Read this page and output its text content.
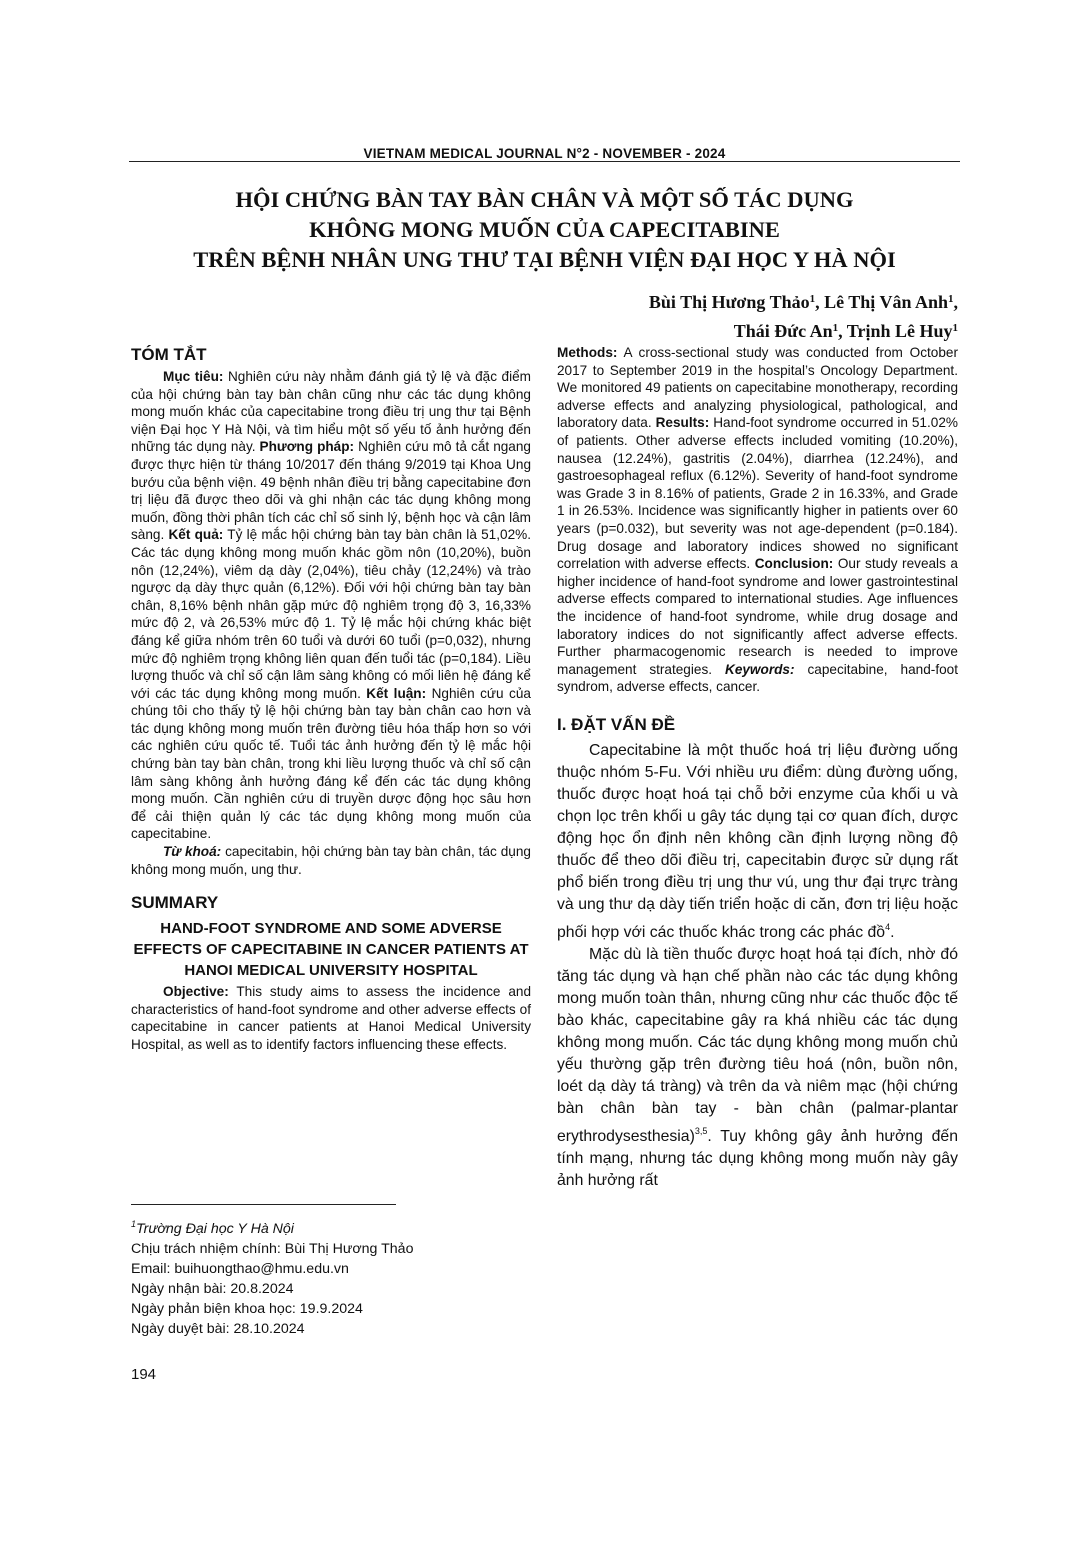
VIETNAM MEDICAL JOURNAL N°2 - NOVEMBER - 2024
HỘI CHỨNG BÀN TAY BÀN CHÂN VÀ MỘT SỐ TÁC DỤNG
KHÔNG MONG MUỐN CỦA CAPECITABINE
TRÊN BỆNH NHÂN UNG THƯ TẠI BỆNH VIỆN ĐẠI HỌC Y HÀ NỘI
Bùi Thị Hương Thảo$^1$, Lê Thị Vân Anh$^1$,
Thái Đức An$^1$, Trịnh Lê Huy$^1$
TÓM TẮT

Mục tiêu: Nghiên cứu này nhằm đánh giá tỷ lệ và đặc điểm của hội chứng bàn tay bàn chân cũng như các tác dụng không mong muốn khác của capecitabine trong điều trị ung thư tại Bệnh viện Đại học Y Hà Nội, và tìm hiểu một số yếu tố ảnh hưởng đến những tác dụng này. Phương pháp: Nghiên cứu mô tả cắt ngang được thực hiện từ tháng 10/2017 đến tháng 9/2019 tại Khoa Ung bướu của bệnh viện. 49 bệnh nhân điều trị bằng capecitabine đơn trị liệu đã được theo dõi và ghi nhận các tác dụng không mong muốn, đồng thời phân tích các chỉ số sinh lý, bệnh học và cận lâm sàng. Kết quả: Tỷ lệ mắc hội chứng bàn tay bàn chân là 51,02%. Các tác dụng không mong muốn khác gồm nôn (10,20%), buồn nôn (12,24%), viêm dạ dày (2,04%), tiêu chảy (12,24%) và trào ngược dạ dày thực quản (6,12%). Đối với hội chứng bàn tay bàn chân, 8,16% bệnh nhân gặp mức độ nghiêm trọng độ 3, 16,33% mức độ 2, và 26,53% mức độ 1. Tỷ lệ mắc hội chứng khác biệt đáng kể giữa nhóm trên 60 tuổi và dưới 60 tuổi (p=0,032), nhưng mức độ nghiêm trọng không liên quan đến tuổi tác (p=0,184). Liều lượng thuốc và chỉ số cận lâm sàng không có mối liên hệ đáng kể với các tác dụng không mong muốn. Kết luận: Nghiên cứu của chúng tôi cho thấy tỷ lệ hội chứng bàn tay bàn chân cao hơn và tác dụng không mong muốn trên đường tiêu hóa thấp hơn so với các nghiên cứu quốc tế. Tuổi tác ảnh hưởng đến tỷ lệ mắc hội chứng bàn tay bàn chân, trong khi liều lượng thuốc và chỉ số cận lâm sàng không ảnh hưởng đáng kể đến các tác dụng không mong muốn. Cần nghiên cứu di truyền dược động học sâu hơn để cải thiện quản lý các tác dụng không mong muốn của capecitabine.

Từ khoá: capecitabin, hội chứng bàn tay bàn chân, tác dụng không mong muốn, ung thư.

SUMMARY
HAND-FOOT SYNDROME AND SOME ADVERSE EFFECTS OF CAPECITABINE IN CANCER PATIENTS AT HANOI MEDICAL UNIVERSITY HOSPITAL

Objective: This study aims to assess the incidence and characteristics of hand-foot syndrome and other adverse effects of capecitabine in cancer patients at Hanoi Medical University Hospital, as well as to identify factors influencing these effects.

Methods: A cross-sectional study was conducted from October 2017 to September 2019 in the hospital’s Oncology Department. We monitored 49 patients on capecitabine monotherapy, recording adverse effects and analyzing physiological, pathological, and laboratory data. Results: Hand-foot syndrome occurred in 51.02% of patients. Other adverse effects included vomiting (10.20%), nausea (12.24%), gastritis (2.04%), diarrhea (12.24%), and gastroesophageal reflux (6.12%). Severity of hand-foot syndrome was Grade 3 in 8.16% of patients, Grade 2 in 16.33%, and Grade 1 in 26.53%. Incidence was significantly higher in patients over 60 years (p=0.032), but severity was not age-dependent (p=0.184). Drug dosage and laboratory indices showed no significant correlation with adverse effects. Conclusion: Our study reveals a higher incidence of hand-foot syndrome and lower gastrointestinal adverse effects compared to international studies. Age influences the incidence of hand-foot syndrome, while drug dosage and laboratory indices do not significantly affect adverse effects. Further pharmacogenomic research is needed to improve management strategies. Keywords: capecitabine, hand-foot syndrom, adverse effects, cancer.

I. ĐẶT VẤN ĐỀ

Capecitabine là một thuốc hoá trị liệu đường uống thuộc nhóm 5-Fu. Với nhiều ưu điểm: dùng đường uống, thuốc được hoạt hoá tại chỗ bởi enzyme của khối u và chọn lọc trên khối u gây tác dụng tại cơ quan đích, dược động học ổn định nên không cần định lượng nồng độ thuốc để theo dõi điều trị, capecitabin được sử dụng rất phổ biến trong điều trị ung thư vú, ung thư đại trực tràng và ung thư dạ dày tiến triển hoặc di căn, đơn trị liệu hoặc phối hợp với các thuốc khác trong các phác đồ$^4$.

Mặc dù là tiền thuốc được hoạt hoá tại đích, nhờ đó tăng tác dụng và hạn chế phần nào các tác dụng không mong muốn toàn thân, nhưng cũng như các thuốc độc tế bào khác, capecitabine gây ra khá nhiều các tác dụng không mong muốn. Các tác dụng không mong muốn chủ yếu thường gặp trên đường tiêu hoá (nôn, buồn nôn, loét dạ dày tá tràng) và trên da và niêm mạc (hội chứng bàn chân bàn tay - bàn chân (palmar-plantar erythrodysesthesia)$^{3,5}$. Tuy không gây ảnh hưởng đến tính mạng, nhưng tác dụng không mong muốn này gây ảnh hưởng rất

$^1$Trường Đại học Y Hà Nội
Chịu trách nhiệm chính: Bùi Thị Hương Thảo
Email: buihuongthao@hmu.edu.vn
Ngày nhận bài: 20.8.2024
Ngày phản biện khoa học: 19.9.2024
Ngày duyệt bài: 28.10.2024
194
